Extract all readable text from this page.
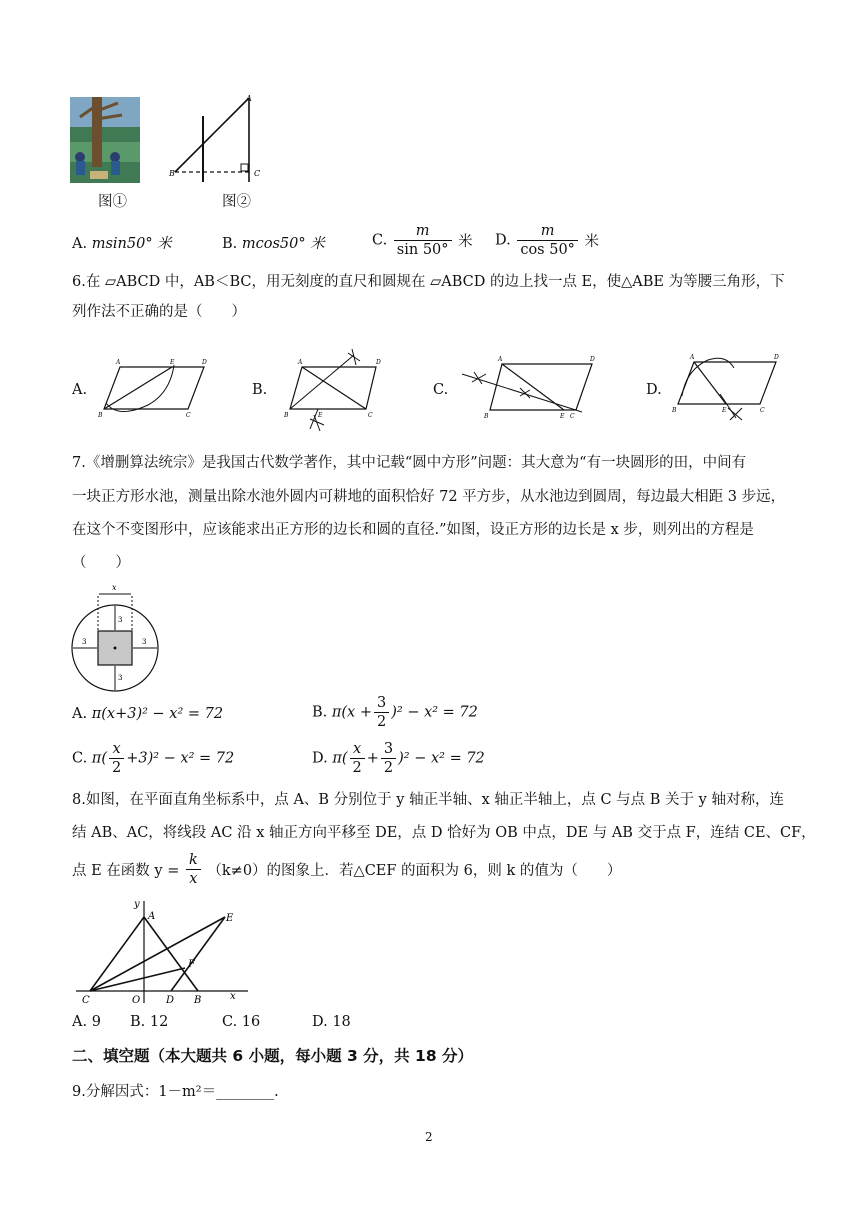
图①
A
B	C
图②
A. msin50° 米	B. mcos50° 米	C. $\frac{m}{\sin 50^\circ}$ 米 D. $\frac{m}{\cos 50^\circ}$ 米
6.在 ▱ABCD 中，AB＜BC，用无刻度的直尺和圆规在 ▱ABCD 的边上找一点 E，使△ABE 为等腰三角形，下
列作法不正确的是（　　）
A.
A
B	C
D
E
B.
A
B	C
D
E
C.
A
B	C
D
E
D.
A
B	C
D
E
7.《增删算法统宗》是我国古代数学著作，其中记载“圆中方形”问题：其大意为“有一块圆形的田，中间有
一块正方形水池，测量出除水池外圆内可耕地的面积恰好 72 平方步，从水池边到圆周，每边最大相距 3 步远，
在这个不变图形中，应该能求出正方形的边长和圆的直径.”如图，设正方形的边长是 x 步，则列出的方程是
（　　）
x
3
3
3	3
A. π(x+3)² − x² = 72	B. $\pi(x + \frac{3}{2} )^2 - x^2 = 72$
C. $\pi( \frac{x}{2} +3)^2 - x^2 = 72$	D. $\pi( \frac{x}{2} + \frac{3}{2} )^2 - x^2 = 72$
8.如图，在平面直角坐标系中，点 A、B 分别位于 y 轴正半轴、x 轴正半轴上，点 C 与点 B 关于 y 轴对称，连
结 AB、AC，将线段 AC 沿 x 轴正方向平移至 DE，点 D 恰好为 OB 中点，DE 与 AB 交于点 F，连结 CE、CF，
点 E 在函数 $y = \frac{k}{x} (k\ne 0)$的图象上．若△CEF 的面积为 6，则 k 的值为（　　）
y
x
A	E
F
C	O	D B
A. 9 B. 12	C. 16	D. 18
二、填空题（本大题共 6 小题，每小题 3 分，共 18 分）
9.分解因式：1－m²＝________.
2
